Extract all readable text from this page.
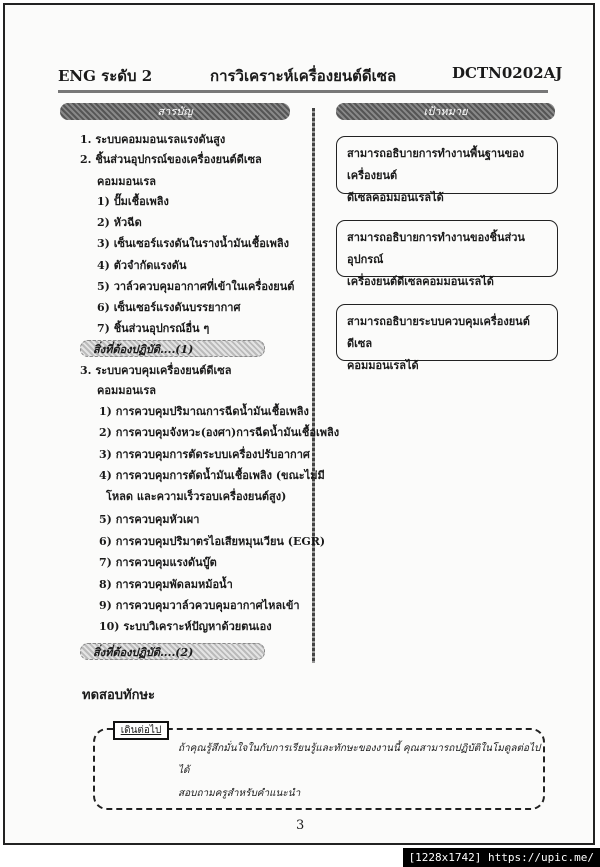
ENG ระดับ 2	การวิเคราะห์เครื่องยนต์ดีเซล	DCTN0202AJ
สารบัญ	เป้าหมาย
1. ระบบคอมมอนเรลแรงดันสูง
2. ชิ้นส่วนอุปกรณ์ของเครื่องยนต์ดีเซล
คอมมอนเรล
1) ปั๊มเชื้อเพลิง
2) หัวฉีด
3) เซ็นเซอร์แรงดันในรางน้ำมันเชื้อเพลิง
4) ตัวจำกัดแรงดัน
5) วาล์วควบคุมอากาศที่เข้าในเครื่องยนต์
6) เซ็นเซอร์แรงดันบรรยากาศ
7) ชิ้นส่วนอุปกรณ์อื่น ๆ
สิ่งที่ต้องปฏิบัติ....(1)
3. ระบบควบคุมเครื่องยนต์ดีเซล
คอมมอนเรล
1) การควบคุมปริมาณการฉีดน้ำมันเชื้อเพลิง
2) การควบคุมจังหวะ(องศา)การฉีดน้ำมันเชื้อเพลิง
3) การควบคุมการตัดระบบเครื่องปรับอากาศ
4) การควบคุมการตัดน้ำมันเชื้อเพลิง (ขณะไม่มี
โหลด และความเร็วรอบเครื่องยนต์สูง)
5) การควบคุมหัวเผา
6) การควบคุมปริมาตรไอเสียหมุนเวียน (EGR)
7) การควบคุมแรงดันบู๊ต
8) การควบคุมพัดลมหม้อน้ำ
9) การควบคุมวาล์วควบคุมอากาศไหลเข้า
10) ระบบวิเคราะห์ปัญหาด้วยตนเอง
สิ่งที่ต้องปฏิบัติ....(2)
สามารถอธิบายการทำงานพื้นฐานของเครื่องยนต์
ดีเซลคอมมอนเรลได้
สามารถอธิบายการทำงานของชิ้นส่วนอุปกรณ์
เครื่องยนต์ดีเซลคอมมอนเรลได้
สามารถอธิบายระบบควบคุมเครื่องยนต์ดีเซล
คอมมอนเรลได้
ทดสอบทักษะ
เดินต่อไป
ถ้าคุณรู้สึกมั่นใจในกับการเรียนรู้และทักษะของงานนี้ คุณสามารถปฏิบัติในโมดูลต่อไป
ได้
สอบถามครูสำหรับคำแนะนำ
3
[1228x1742] https://upic.me/
